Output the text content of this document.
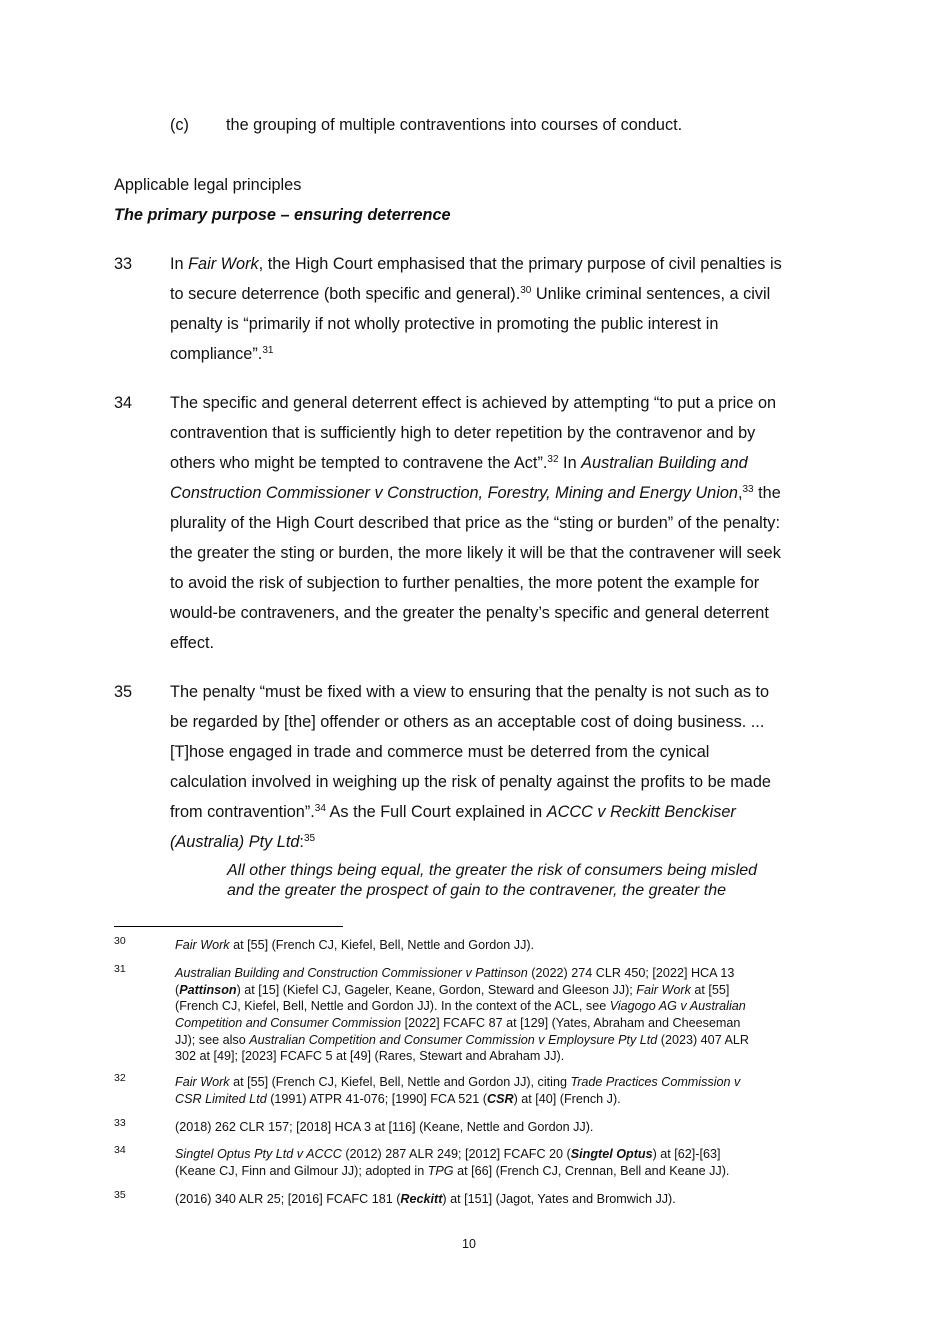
(c) the grouping of multiple contraventions into courses of conduct.
Applicable legal principles
The primary purpose – ensuring deterrence
33 In Fair Work, the High Court emphasised that the primary purpose of civil penalties is
to secure deterrence (both specific and general).$^{30}$ Unlike criminal sentences, a civil
penalty is “primarily if not wholly protective in promoting the public interest in
compliance”.$^{31}$
34 The specific and general deterrent effect is achieved by attempting “to put a price on
contravention that is sufficiently high to deter repetition by the contravenor and by
others who might be tempted to contravene the Act”.$^{32}$ In Australian Building and
Construction Commissioner v Construction, Forestry, Mining and Energy Union,$^{33}$ the
plurality of the High Court described that price as the “sting or burden” of the penalty:
the greater the sting or burden, the more likely it will be that the contravener will seek
to avoid the risk of subjection to further penalties, the more potent the example for
would-be contraveners, and the greater the penalty’s specific and general deterrent
effect.
35 The penalty “must be fixed with a view to ensuring that the penalty is not such as to
be regarded by [the] offender or others as an acceptable cost of doing business. ...
[T]hose engaged in trade and commerce must be deterred from the cynical
calculation involved in weighing up the risk of penalty against the profits to be made
from contravention”.$^{34}$ As the Full Court explained in ACCC v Reckitt Benckiser
(Australia) Pty Ltd:$^{35}$
All other things being equal, the greater the risk of consumers being misled
and the greater the prospect of gain to the contravener, the greater the
30	Fair Work at [55] (French CJ, Kiefel, Bell, Nettle and Gordon JJ).
31	Australian Building and Construction Commissioner v Pattinson (2022) 274 CLR 450; [2022] HCA 13
(Pattinson) at [15] (Kiefel CJ, Gageler, Keane, Gordon, Steward and Gleeson JJ); Fair Work at [55]
(French CJ, Kiefel, Bell, Nettle and Gordon JJ). In the context of the ACL, see Viagogo AG v Australian
Competition and Consumer Commission [2022] FCAFC 87 at [129] (Yates, Abraham and Cheeseman
JJ); see also Australian Competition and Consumer Commission v Employsure Pty Ltd (2023) 407 ALR
302 at [49]; [2023] FCAFC 5 at [49] (Rares, Stewart and Abraham JJ).
32	Fair Work at [55] (French CJ, Kiefel, Bell, Nettle and Gordon JJ), citing Trade Practices Commission v
CSR Limited Ltd (1991) ATPR 41-076; [1990] FCA 521 (CSR) at [40] (French J).
33	(2018) 262 CLR 157; [2018] HCA 3 at [116] (Keane, Nettle and Gordon JJ).
34	Singtel Optus Pty Ltd v ACCC (2012) 287 ALR 249; [2012] FCAFC 20 (Singtel Optus) at [62]-[63]
(Keane CJ, Finn and Gilmour JJ); adopted in TPG at [66] (French CJ, Crennan, Bell and Keane JJ).
35	(2016) 340 ALR 25; [2016] FCAFC 181 (Reckitt) at [151] (Jagot, Yates and Bromwich JJ).
10
